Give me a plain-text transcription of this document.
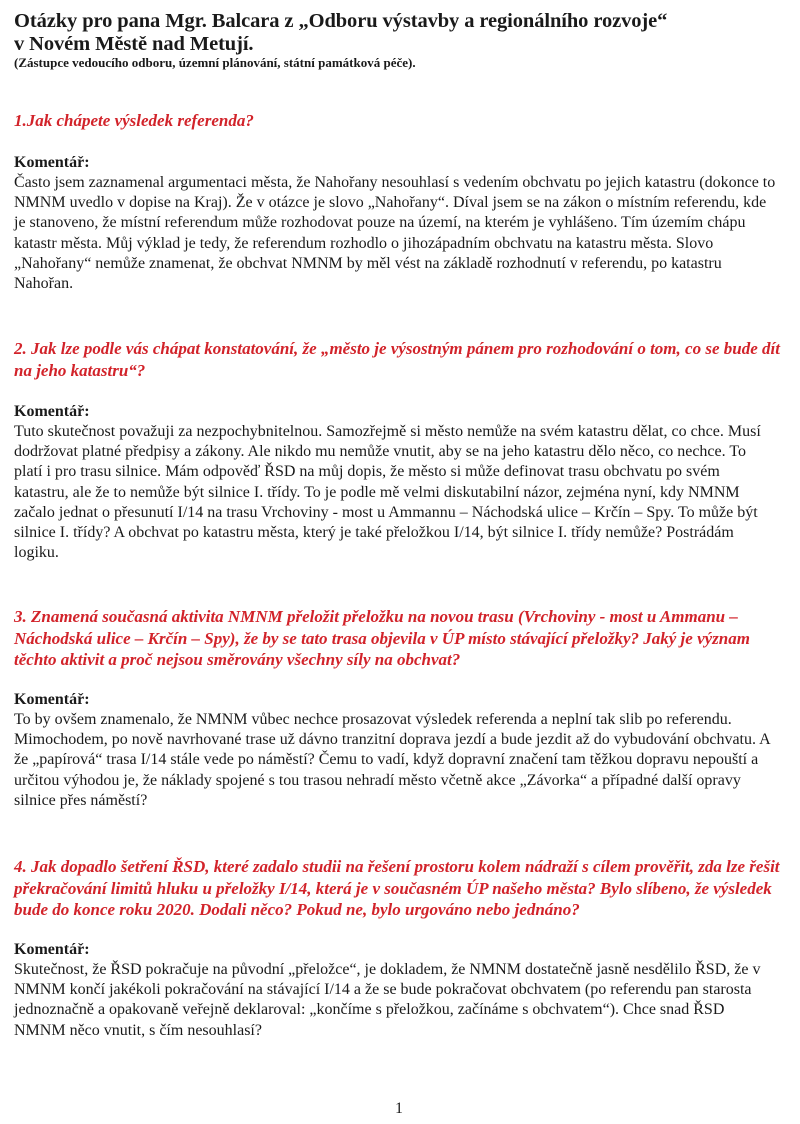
Otázky pro pana Mgr. Balcara z „Odboru výstavby a regionálního rozvoje“
v Novém Městě nad Metují.
(Zástupce vedoucího odboru, územní plánování, státní památková péče).
1.Jak chápete výsledek referenda?
Komentář:
Často jsem zaznamenal argumentaci města, že Nahořany nesouhlasí s vedením obchvatu po jejich katastru (dokonce to NMNM uvedlo v dopise na Kraj). Že v otázce je slovo „Nahořany“. Díval jsem se na zákon o místním referendu, kde je stanoveno, že místní referendum může rozhodovat pouze na území, na kterém je vyhlášeno. Tím územím chápu katastr města. Můj výklad je tedy, že referendum rozhodlo o jihozápadním obchvatu na katastru města. Slovo „Nahořany“ nemůže znamenat, že obchvat NMNM by měl vést na základě rozhodnutí v referendu, po katastru Nahořan.
2. Jak lze podle vás chápat konstatování, že „město je výsostným pánem pro rozhodování o tom, co se bude dít na jeho katastru“?
Komentář:
Tuto skutečnost považuji za nezpochybnitelnou. Samozřejmě si město nemůže na svém katastru dělat, co chce. Musí dodržovat platné předpisy a zákony. Ale nikdo mu nemůže vnutit, aby se na jeho katastru dělo něco, co nechce. To platí i pro trasu silnice. Mám odpověď ŘSD na můj dopis, že město si může definovat trasu obchvatu po svém katastru, ale že to nemůže být silnice I. třídy. To je podle mě velmi diskutabilní názor, zejména nyní, kdy NMNM začalo jednat o přesunutí I/14 na trasu Vrchoviny - most u Ammannu – Náchodská ulice – Krčín – Spy. To může být silnice I. třídy? A obchvat po katastru města, který je také přeložkou I/14, být silnice I. třídy nemůže? Postrádám logiku.
3. Znamená současná aktivita NMNM přeložit přeložku na novou trasu (Vrchoviny - most u Ammanu – Náchodská ulice – Krčín – Spy), že by se tato trasa objevila v ÚP místo stávající přeložky? Jaký je význam těchto aktivit a proč nejsou směrovány všechny síly na obchvat?
Komentář:
To by ovšem znamenalo, že NMNM vůbec nechce prosazovat výsledek referenda a neplní tak slib po referendu. Mimochodem, po nově navrhované trase už dávno tranzitní doprava jezdí a bude jezdit až do vybudování obchvatu. A že „papírová“ trasa I/14 stále vede po náměstí? Čemu to vadí, když dopravní značení tam těžkou dopravu nepouští a určitou výhodou je, že náklady spojené s tou trasou nehradí město včetně akce „Závorka“ a případné další opravy silnice přes náměstí?
4. Jak dopadlo šetření ŘSD, které zadalo studii na řešení prostoru kolem nádraží s cílem prověřit, zda lze řešit překračování limitů hluku u přeložky I/14, která je v současném ÚP našeho města? Bylo slíbeno, že výsledek bude do konce roku 2020. Dodali něco? Pokud ne, bylo urgováno nebo jednáno?
Komentář:
Skutečnost, že ŘSD pokračuje na původní „přeložce“, je dokladem, že NMNM dostatečně jasně nesdělilo ŘSD, že v NMNM končí jakékoli pokračování na stávající I/14 a že se bude pokračovat obchvatem (po referendu pan starosta jednoznačně a opakovaně veřejně deklaroval: „končíme s přeložkou, začínáme s obchvatem“). Chce snad ŘSD NMNM něco vnutit, s čím nesouhlasí?
1
